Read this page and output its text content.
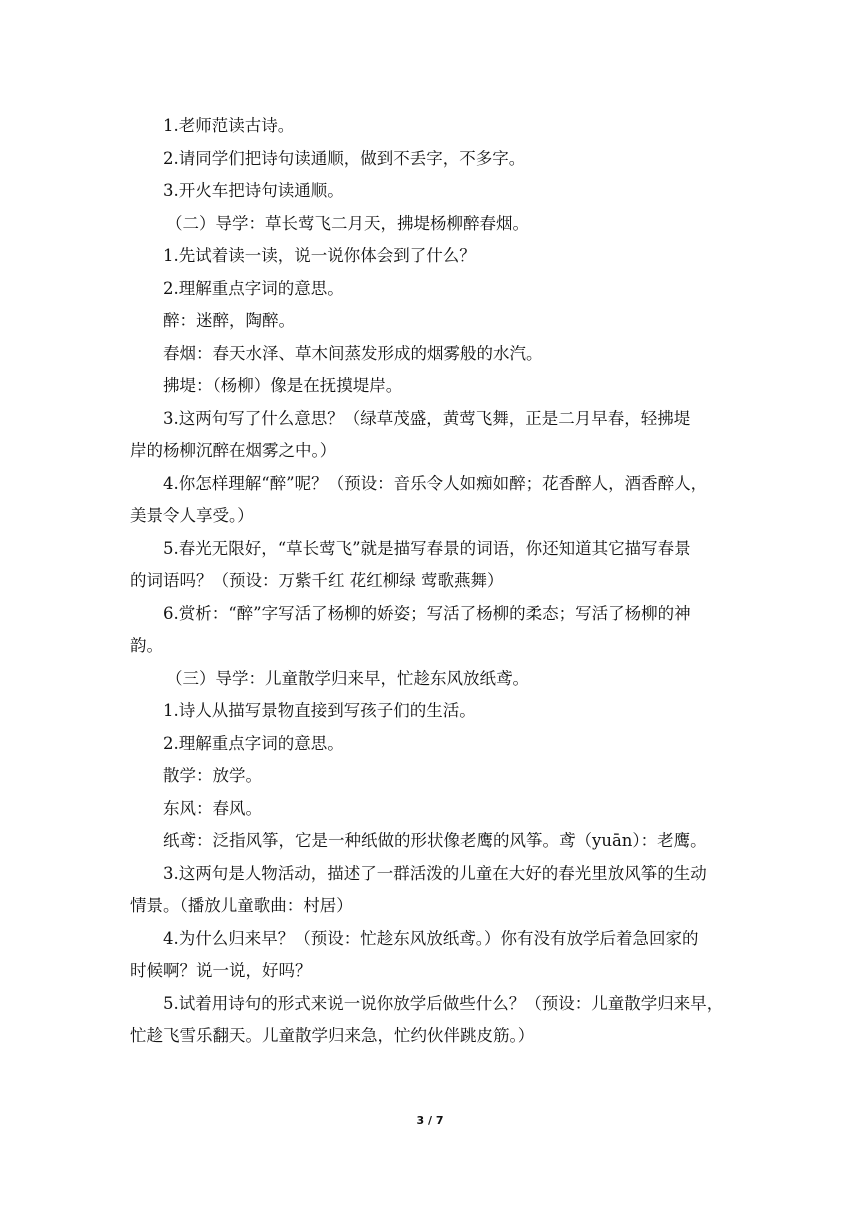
1.老师范读古诗。

2.请同学们把诗句读通顺，做到不丢字，不多字。

3.开火车把诗句读通顺。

（二）导学：草长莺飞二月天，拂堤杨柳醉春烟。

1.先试着读一读，说一说你体会到了什么？

2.理解重点字词的意思。

醉：迷醉，陶醉。

春烟：春天水泽、草木间蒸发形成的烟雾般的水汽。

拂堤：（杨柳）像是在抚摸堤岸。

3.这两句写了什么意思？（绿草茂盛，黄莺飞舞，正是二月早春，轻拂堤

岸的杨柳沉醉在烟雾之中。）

4.你怎样理解“醉”呢？（预设：音乐令人如痴如醉；花香醉人，酒香醉人，

美景令人享受。）

5.春光无限好，“草长莺飞”就是描写春景的词语，你还知道其它描写春景

的词语吗？（预设：万紫千红 花红柳绿 莺歌燕舞）

6.赏析：“醉”字写活了杨柳的娇姿；写活了杨柳的柔态；写活了杨柳的神

韵。

（三）导学：儿童散学归来早，忙趁东风放纸鸢。

1.诗人从描写景物直接到写孩子们的生活。

2.理解重点字词的意思。

散学：放学。

东风：春风。

纸鸢：泛指风筝，它是一种纸做的形状像老鹰的风筝。鸢（yuān）：老鹰。

3.这两句是人物活动，描述了一群活泼的儿童在大好的春光里放风筝的生动

情景。（播放儿童歌曲：村居）

4.为什么归来早？（预设：忙趁东风放纸鸢。）你有没有放学后着急回家的

时候啊？说一说，好吗？

5.试着用诗句的形式来说一说你放学后做些什么？（预设：儿童散学归来早，

忙趁飞雪乐翻天。儿童散学归来急，忙约伙伴跳皮筋。）

3 / 7
